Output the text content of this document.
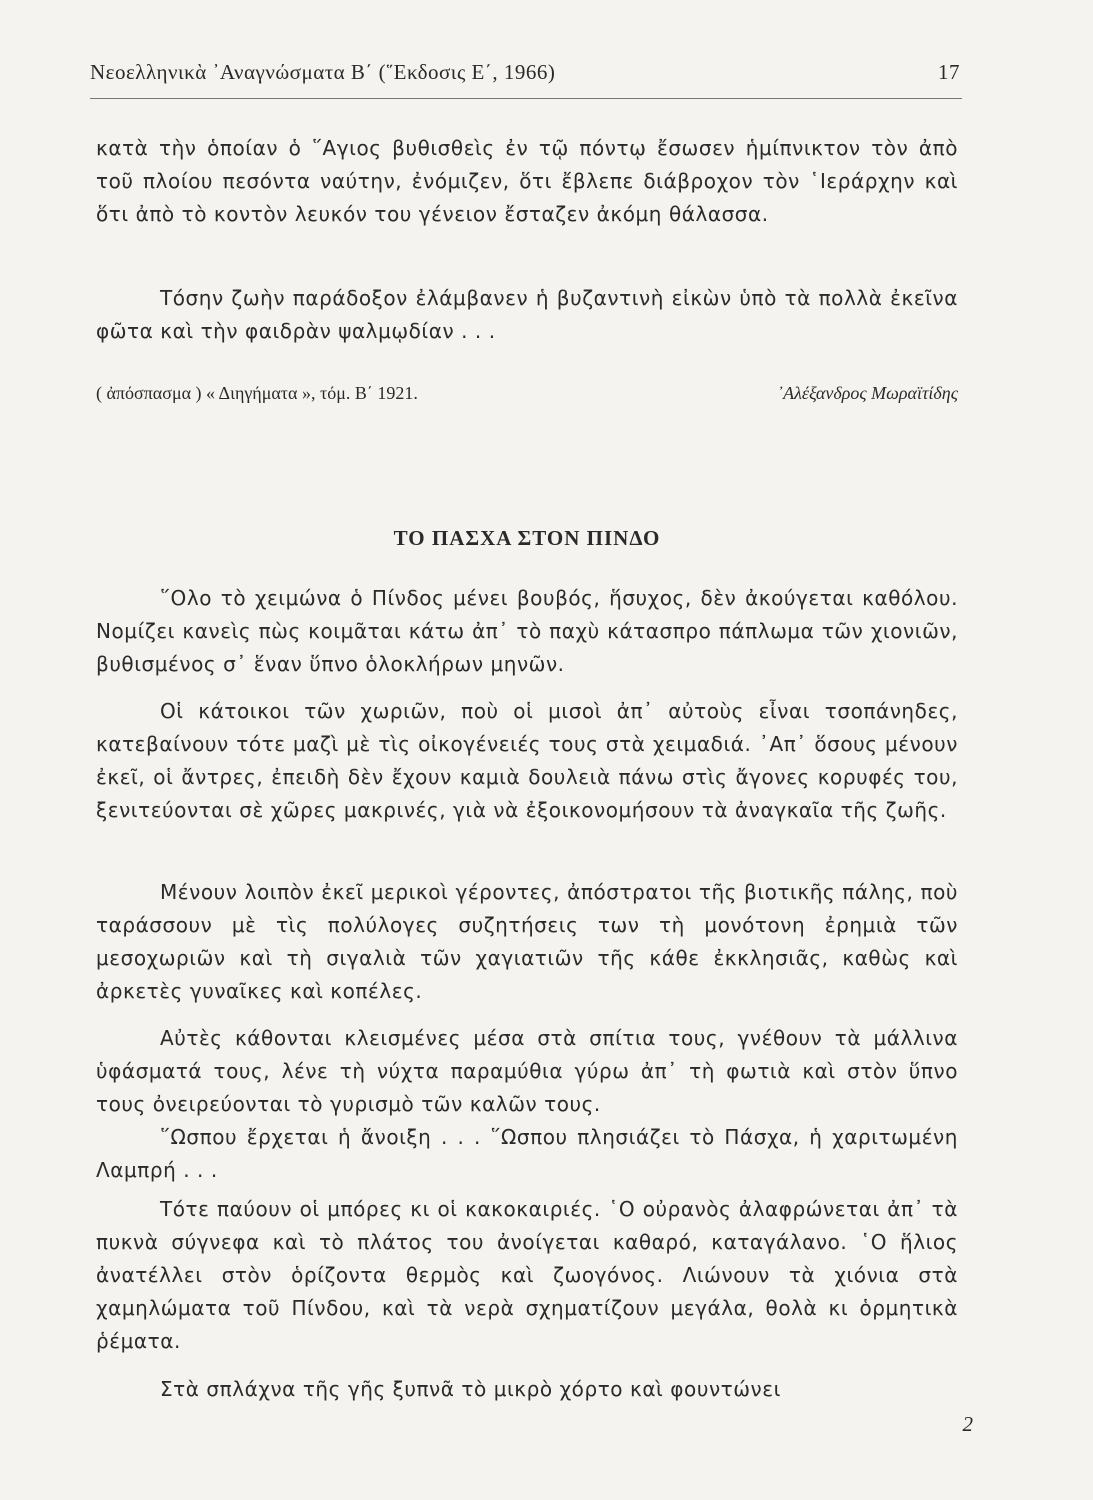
Νεοελληνικὰ ᾿Αναγνώσματα Β΄ (῞Εκδοσις Ε΄, 1966)	17
κατὰ τὴν ὁποίαν ὁ ῞Αγιος βυθισθεὶς ἐν τῷ πόντῳ ἔσωσεν ἡμίπνικτον τὸν ἀπὸ τοῦ πλοίου πεσόντα ναύτην, ἐνόμιζεν, ὅτι ἔβλεπε διάβροχον τὸν ῾Ιεράρχην καὶ ὅτι ἀπὸ τὸ κοντὸν λευκόν του γένειον ἔσταζεν ἀκόμη θάλασσα.
Τόσην ζωὴν παράδοξον ἐλάμβανεν ἡ βυζαντινὴ εἰκὼν ὑπὸ τὰ πολλὰ ἐκεῖνα φῶτα καὶ τὴν φαιδρὰν ψαλμῳδίαν . . .
( ἀπόσπασμα ) « Διηγήματα », τόμ. Β΄ 1921.	᾿Αλέξανδρος Μωραϊτίδης
ΤΟ ΠΑΣΧΑ ΣΤΟΝ ΠΙΝΔΟ
῞Ολο τὸ χειμώνα ὁ Πίνδος μένει βουβός, ἥσυχος, δὲν ἀκούγεται καθόλου. Νομίζει κανεὶς πὼς κοιμᾶται κάτω ἀπ᾿ τὸ παχὺ κάτασπρο πάπλωμα τῶν χιονιῶν, βυθισμένος σ᾿ ἕναν ὕπνο ὁλοκλήρων μηνῶν.
Οἱ κάτοικοι τῶν χωριῶν, ποὺ οἱ μισοὶ ἀπ᾿ αὐτοὺς εἶναι τσοπάνηδες, κατεβαίνουν τότε μαζὶ μὲ τὶς οἰκογένειές τους στὰ χειμαδιά. ᾿Απ᾿ ὅσους μένουν ἐκεῖ, οἱ ἄντρες, ἐπειδὴ δὲν ἔχουν καμιὰ δουλειὰ πάνω στὶς ἄγονες κορυφές του, ξενιτεύονται σὲ χῶρες μακρινές, γιὰ νὰ ἐξοικονομήσουν τὰ ἀναγκαῖα τῆς ζωῆς.
Μένουν λοιπὸν ἐκεῖ μερικοὶ γέροντες, ἀπόστρατοι τῆς βιοτικῆς πάλης, ποὺ ταράσσουν μὲ τὶς πολύλογες συζητήσεις των τὴ μονότονη ἐρημιὰ τῶν μεσοχωριῶν καὶ τὴ σιγαλιὰ τῶν χαγιατιῶν τῆς κάθε ἐκκλησιᾶς, καθὼς καὶ ἀρκετὲς γυναῖκες καὶ κοπέλες.
Αὐτὲς κάθονται κλεισμένες μέσα στὰ σπίτια τους, γνέθουν τὰ μάλλινα ὑφάσματά τους, λένε τὴ νύχτα παραμύθια γύρω ἀπ᾿ τὴ φωτιὰ καὶ στὸν ὕπνο τους ὀνειρεύονται τὸ γυρισμὸ τῶν καλῶν τους.
῞Ωσπου ἔρχεται ἡ ἄνοιξη . . . ῞Ωσπου πλησιάζει τὸ Πάσχα, ἡ χαριτωμένη Λαμπρή . . .
Τότε παύουν οἱ μπόρες κι οἱ κακοκαιριές. ῾Ο οὐρανὸς ἀλαφρώνεται ἀπ᾿ τὰ πυκνὰ σύγνεφα καὶ τὸ πλάτος του ἀνοίγεται καθαρό, καταγάλανο. ῾Ο ἥλιος ἀνατέλλει στὸν ὁρίζοντα θερμὸς καὶ ζωογόνος. Λιώνουν τὰ χιόνια στὰ χαμηλώματα τοῦ Πίνδου, καὶ τὰ νερὰ σχηματίζουν μεγάλα, θολὰ κι ὁρμητικὰ ῥέματα.
Στὰ σπλάχνα τῆς γῆς ξυπνᾶ τὸ μικρὸ χόρτο καὶ φουντώνει
2
